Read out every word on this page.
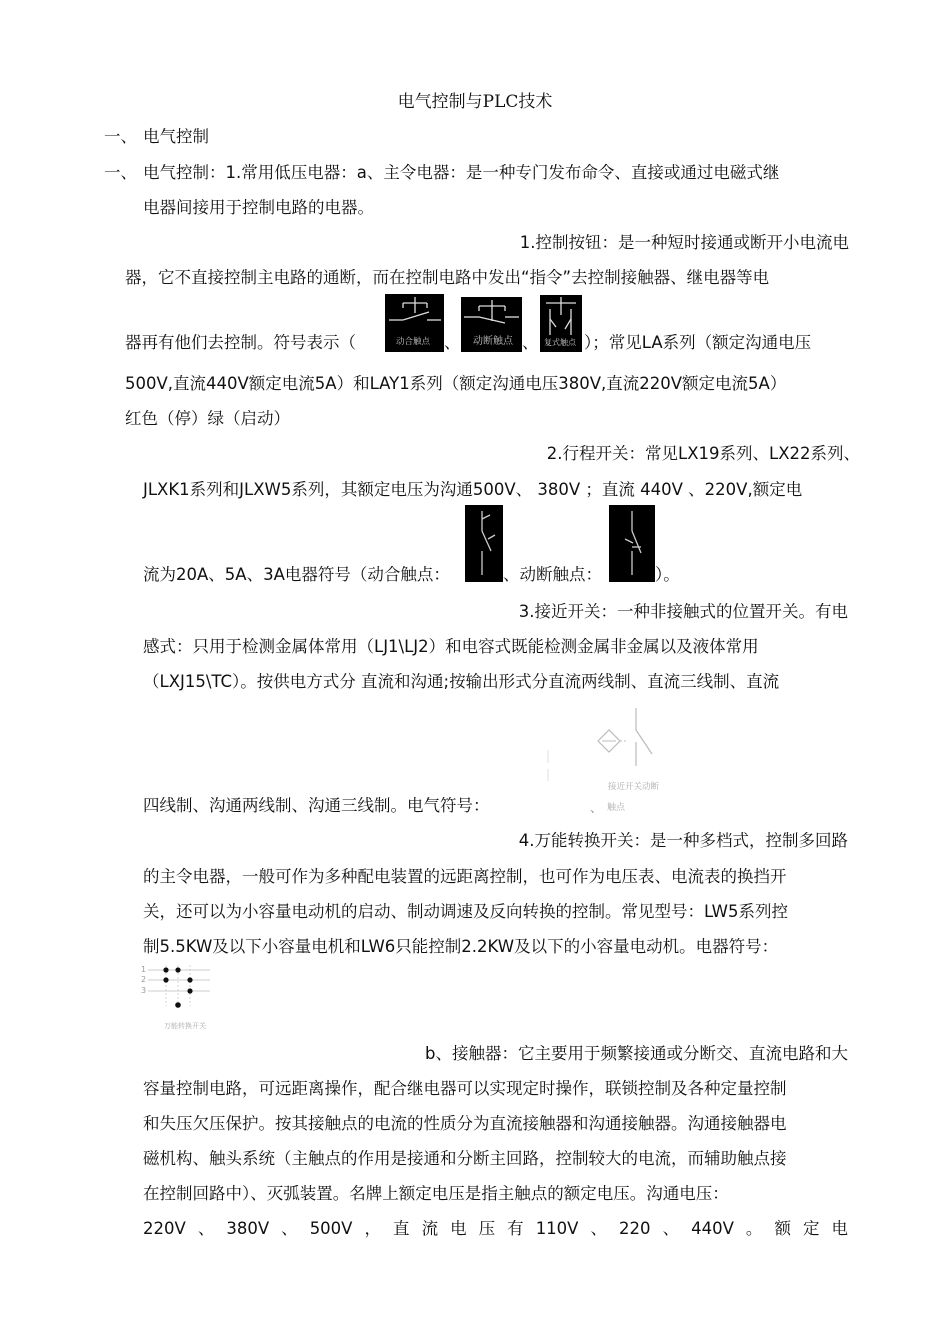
电气控制与PLC技术
一、 电气控制
一、 电气控制：1.常用低压电器：a、主令电器：是一种专门发布命令、直接或通过电磁式继
电器间接用于控制电路的电器。
1.控制按钮：是一种短时接通或断开小电流电
器，它不直接控制主电路的通断，而在控制电路中发出“指令”去控制接触器、继电器等电
器再有他们去控制。符号表示（	动合触点 、 动断触点 、 复式触点 ）；常见LA系列（额定沟通电压
500V,直流440V额定电流5A）和LAY1系列（额定沟通电压380V,直流220V额定电流5A）
红色（停）绿（启动）
2.行程开关：常见LX19系列、LX22系列、
JLXK1系列和JLXW5系列，其额定电压为沟通500V、 380V ；直流 440V 、220V,额定电
流为20A、5A、3A电器符号（动合触点：	、动断触点：	）。
3.接近开关：一种非接触式的位置开关。有电
感式：只用于检测金属体常用（LJ1\LJ2）和电容式既能检测金属非金属以及液体常用
（LXJ15\TC）。按供电方式分 直流和沟通;按输出形式分直流两线制、直流三线制、直流
接近开关动断
四线制、沟通两线制、沟通三线制。电气符号：	、 触点
4.万能转换开关：是一种多档式，控制多回路
的主令电器，一般可作为多种配电装置的远距离控制，也可作为电压表、电流表的换挡开
关，还可以为小容量电动机的启动、制动调速及反向转换的控制。常见型号：LW5系列控
制5.5KW及以下小容量电机和LW6只能控制2.2KW及以下的小容量电动机。电器符号：
1
2
3
万能转换开关
b、接触器：它主要用于频繁接通或分断交、直流电路和大
容量控制电路，可远距离操作，配合继电器可以实现定时操作，联锁控制及各种定量控制
和失压欠压保护。按其接触点的电流的性质分为直流接触器和沟通接触器。沟通接触器电
磁机构、触头系统（主触点的作用是接通和分断主回路，控制较大的电流，而辅助触点接
在控制回路中）、灭弧装置。名牌上额定电压是指主触点的额定电压。沟通电压：
220V 、 380V 、 500V ， 直 流 电 压 有 110V 、 220 、 440V 。 额 定 电
